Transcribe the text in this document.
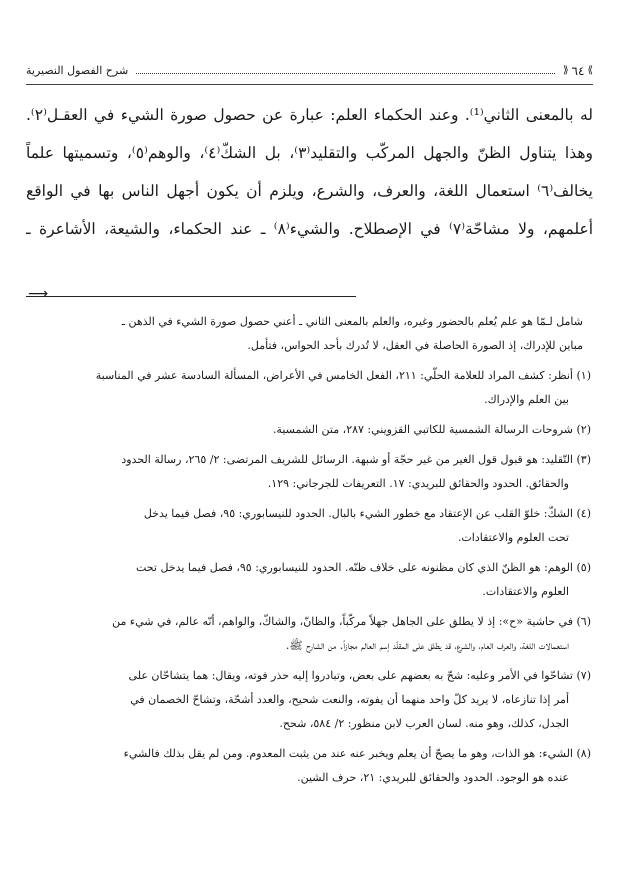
⟫
٦٤
⟪
شرح الفصول النصيرية

له بالمعنى الثاني⁽¹⁾. وعند الحكماء العلم: عبارة عن حصول صورة الشيء في العقـل⁽٢⁾.

وهذا يتناول الظنّ والجهل المركّب والتقليد⁽٣⁾، بل الشكّ⁽٤⁾، والوهم⁽٥⁾، وتسميتها علماً

يخالف⁽٦⁾ استعمال اللغة، والعرف، والشرع، ويلزم أن يكون أجهل الناس بها في الواقع

أعلمهم، ولا مشاحّة⁽٧⁾ في الإصطلاح. والشيء⁽٨⁾ ـ عند الحكماء، والشيعة، الأشاعرة ـ

⟶
شامل لـمّا هو علم يُعلم بالحضور وغيره، والعلم بالمعنى الثاني ـ أعني حصول صورة الشيء في الذهن ـ
مباين للإدراك، إذ الصورة الحاصلة في العقل، لا تُدرك بأحد الحواس، فتأمل.
(١) أنظر: كشف المراد للعلامة الحلّي: ٢١١، الفعل الخامس في الأعراض، المسألة السادسة عشر في المناسبة
بين العلم والإدراك.
(٢) شروحات الرسالة الشمسية للكاتبي القزويني: ٢٨٧، متن الشمسية.
(٣) التّقليد: هو قبول قول الغير من غير حجّة أو شبهة. الرسائل للشريف المرتضى: ٢/ ٢٦٥، رسالة الحدود
والحقائق. الحدود والحقائق للبريدي: ١٧. التعريفات للجرجاني: ١٢٩.
(٤) الشكّ: خلوّ القلب عن الإعتقاد مع خطور الشيء بالبال. الحدود للنيسابوري: ٩٥، فصل فيما يدخل
تحت العلوم والاعتقادات.
(٥) الوهم: هو الظنّ الذي كان مظنونه على خلاف ظنّه. الحدود للنيسابوري: ٩٥، فصل فيما يدخل تحت
العلوم والاعتقادات.
(٦) في حاشية «ح»: إذ لا يطلق على الجاهل جهلاً مركّباً، والظانّ، والشاكّ، والواهم، أنّه عالم، في شيء من
استعمالات اللغة، والعرف العام، والشرع، قد يطلق على المقلّد إسم العالم مجازاً. من الشارح ﷺ.
(٧) تشاحّوا في الأمر وعليه: شحّ به بعضهم على بعض، وتبادروا إليه حذر فوته، ويقال: هما يتشاحّان على
أمر إذا تنازعاه، لا يريد كلّ واحد منهما أن يفوته، والنعت شحيح، والعدد أشحّة، وتشاحّ الخصمان في
الجدل، كذلك، وهو منه. لسان العرب لابن منظور: ٢/ ٥٨٤، شحح.
(٨) الشيء: هو الذات، وهو ما يصحّ أن يعلم ويخبر عنه عند من يثبت المعدوم. ومن لم يقل بذلك فالشيء
عنده هو الوجود. الحدود والحقائق للبريدي: ٢١، حرف الشين.
